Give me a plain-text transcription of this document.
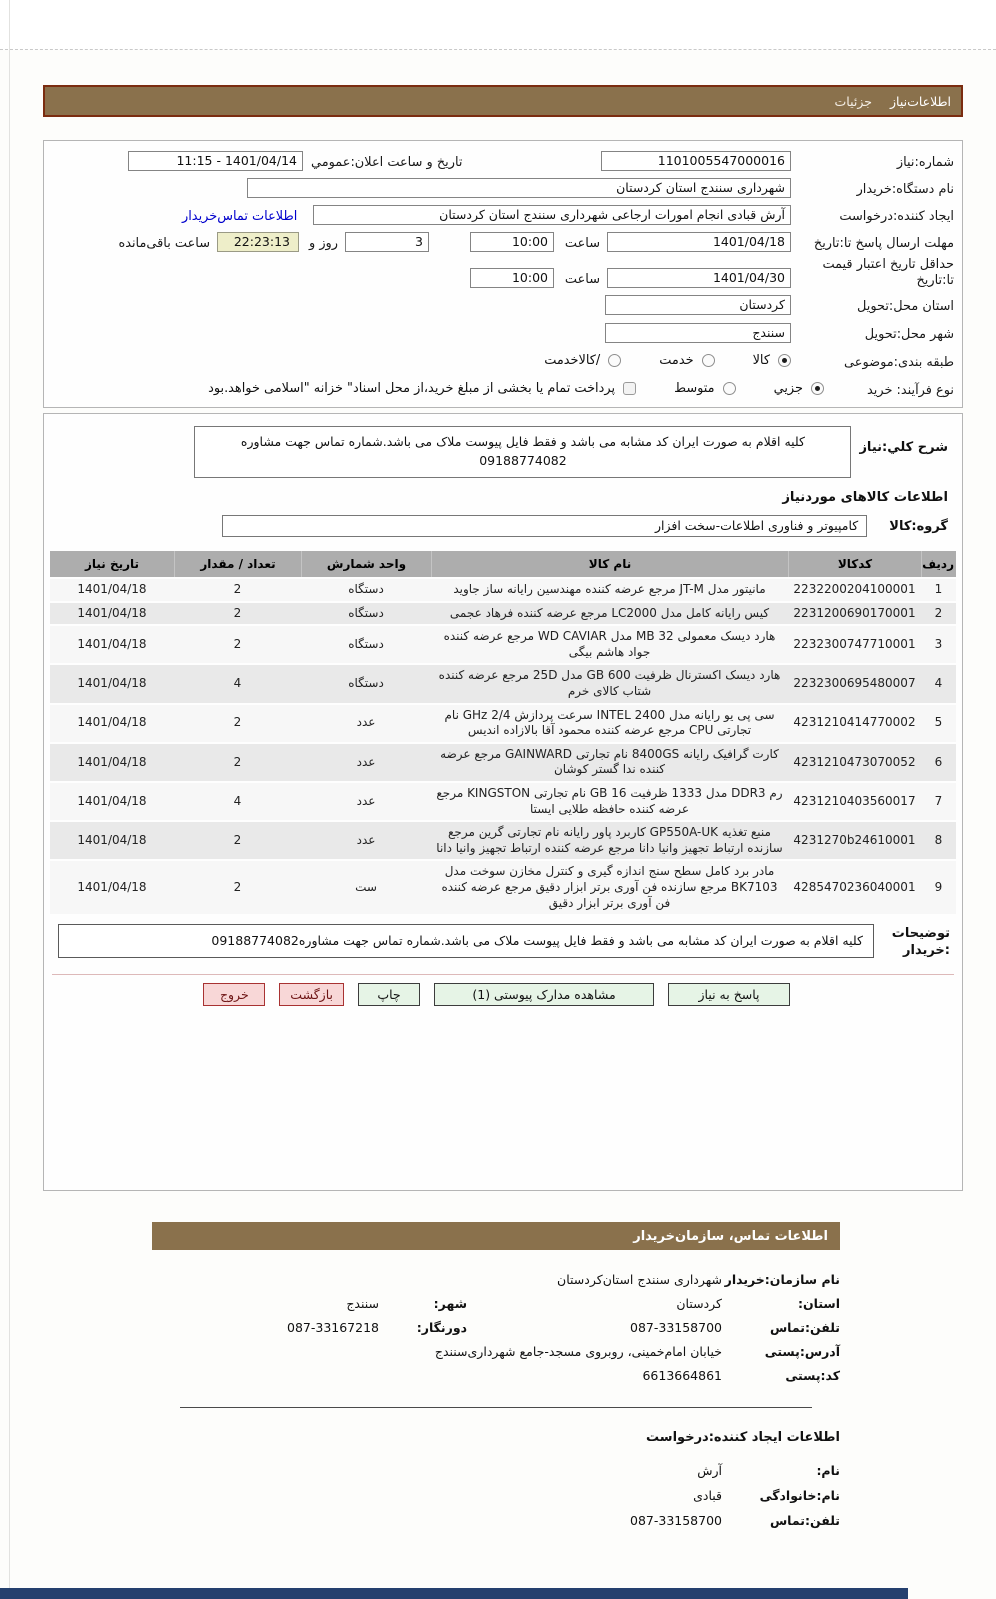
اطلاعات‌نیاز
جزئیات
شماره:نیاز
1101005547000016
تاریخ و ساعت اعلان:عمومي
1401/04/14 - 11:15
نام دستگاه:خریدار
شهرداری سنندج استان کردستان
ایجاد کننده:درخواست
آرش قبادی انجام امورات ارجاعی شهرداری سنندج استان کردستان
اطلاعات تماس‌خریدار
مهلت ارسال پاسخ تا:تاریخ
1401/04/18
ساعت
10:00
3
روز و
22:23:13
ساعت باقی‌مانده
حداقل تاریخ اعتبار قیمت تا:تاریخ
1401/04/30
ساعت
10:00
استان محل:تحویل
کردستان
شهر محل:تحویل
سنندج
طبقه بندی:موضوعی
کالا
خدمت
/کالاخدمت
نوع فرآیند: خرید
جزیي
متوسط
پرداخت تمام یا بخشی از مبلغ خرید،از محل اسناد" خزانه "اسلامی خواهد.بود
شرح کلي:نیاز
کلیه اقلام به صورت ایران کد مشابه می باشد و فقط فایل پیوست ملاک می باشد.شماره تماس جهت مشاوره 09188774082
اطلاعات کالاهای موردنیاز
گروه:کالا
کامپیوتر و فناوری اطلاعات-سخت افزار
ردیف	کدکالا	نام کالا	واحد شمارش	تعداد / مقدار	تاریخ نیاز
1	2232200204100001	مانیتور مدل JT-M مرجع عرضه کننده مهندسین رایانه ساز جاوید	دستگاه	2	1401/04/18
2	2231200690170001	کیس رایانه کامل مدل LC2000 مرجع عرضه کننده فرهاد عجمی	دستگاه	2	1401/04/18
3	2232300747710001	هارد دیسک معمولی 32 MB مدل WD CAVIAR مرجع عرضه کننده جواد هاشم بیگی	دستگاه	2	1401/04/18
4	2232300695480007	هارد دیسک اکسترنال ظرفیت 600 GB مدل 25D مرجع عرضه کننده شتاب کالای خرم	دستگاه	4	1401/04/18
5	4231210414770002	سی پی یو رایانه مدل 2400 INTEL سرعت پردازش 2/4 GHz نام تجارتی CPU مرجع عرضه کننده محمود آقا بالازاده اندیس	عدد	2	1401/04/18
6	4231210473070052	کارت گرافیک رایانه 8400GS نام تجارتی GAINWARD مرجع عرضه کننده ندا گستر کوشان	عدد	2	1401/04/18
7	4231210403560017	رم DDR3 مدل 1333 ظرفیت 16 GB نام تجارتی KINGSTON مرجع عرضه کننده حافظه طلایی ایستا	عدد	4	1401/04/18
8	4231270b24610001	منبع تغذیه GP550A-UK کاربرد پاور رایانه نام تجارتی گرین مرجع سازنده ارتباط تجهیز وانیا دانا مرجع عرضه کننده ارتباط تجهیز وانیا دانا	عدد	2	1401/04/18
9	4285470236040001	مادر برد کامل سطح سنج اندازه گیری و کنترل مخازن سوخت مدل BK7103 مرجع سازنده فن آوری برتر ابزار دقیق مرجع عرضه کننده فن آوری برتر ابزار دقیق	ست	2	1401/04/18
توضیحات :خریدار
کلیه اقلام به صورت ایران کد مشابه می باشد و فقط فایل پیوست ملاک می باشد.شماره تماس جهت مشاوره09188774082
پاسخ به نیاز
مشاهده مدارک پیوستی (1)
چاپ
بازگشت
خروج
اطلاعات تماس، سازمان‌خریدار
نام سازمان:خریدار
شهرداری سنندج استان‌کردستان
استان:
کردستان
شهر:
سنندج
تلفن:تماس
087-33158700
دورنگار:
087-33167218
آدرس:پستی
خیابان امام‌خمینی، روبروی مسجد-جامع شهرداری‌سنندج
کد:پستی
6613664861
اطلاعات ایجاد کننده:درخواست
نام:
آرش
نام:خانوادگی
قبادی
تلفن:تماس
087-33158700
